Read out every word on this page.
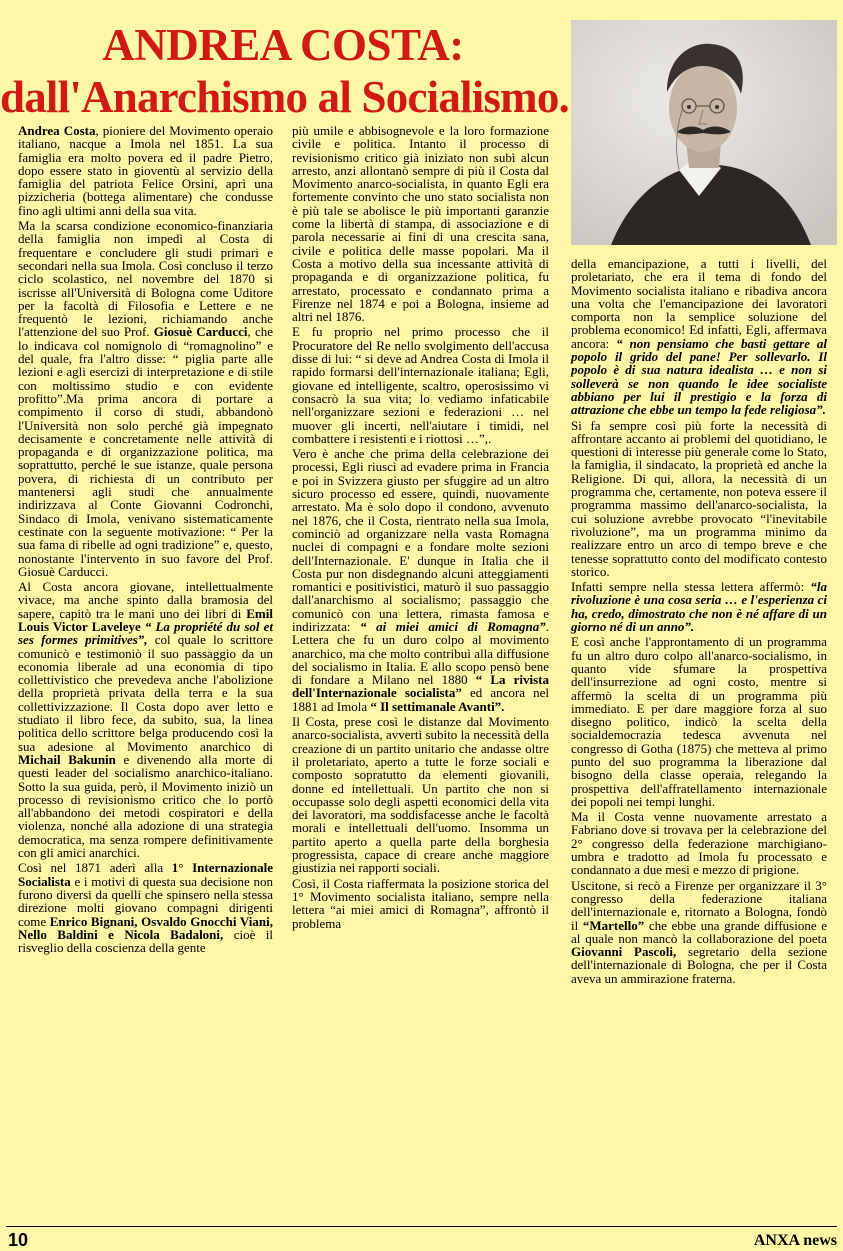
ANDREA COSTA:
dall'Anarchismo al Socialismo.

Andrea Costa, pioniere del Movimento operaio italiano, nacque a Imola nel 1851. La sua famiglia era molto povera ed il padre Pietro, dopo essere stato in gioventù al servizio della famiglia del patriota Felice Orsini, aprì una pizzicheria (bottega alimentare) che condusse fino agli ultimi anni della sua vita.

Ma la scarsa condizione economico-finanziaria della famiglia non impedì al Costa di frequentare e concludere gli studi primari e secondari nella sua Imola. Così concluso il terzo ciclo scolastico, nel novembre del 1870 si iscrisse all'Università di Bologna come Uditore per la facoltà di Filosofia e Lettere e ne frequentò le lezioni, richiamando anche l'attenzione del suo Prof. Giosuè Carducci, che lo indicava col nomignolo di “romagnolino” e del quale, fra l'altro disse: “ piglia parte alle lezioni e agli esercizi di interpretazione e di stile con moltissimo studio e con evidente profitto”.Ma prima ancora di portare a compimento il corso di studi, abbandonò l'Università non solo perché già impegnato decisamente e concretamente nelle attività di propaganda e di organizzazione politica, ma soprattutto, perché le sue istanze, quale persona povera, di richiesta di un contributo per mantenersi agli studi che annualmente indirizzava al Conte Giovanni Codronchi, Sindaco di Imola, venivano sistematicamente cestinate con la seguente motivazione: “ Per la sua fama di ribelle ad ogni tradizione” e, questo, nonostante l'intervento in suo favore del Prof. Giosuè Carducci.

Al Costa ancora giovane, intellettualmente vivace, ma anche spinto dalla bramosia del sapere, capitò tra le mani uno dei libri di Emil Louis Victor Laveleye “ La propriété du sol et ses formes primitives”, col quale lo scrittore comunicò e testimoniò il suo passaggio da un economia liberale ad una economia di tipo collettivistico che prevedeva anche l'abolizione della proprietà privata della terra e la sua collettivizzazione. Il Costa dopo aver letto e studiato il libro fece, da subito, sua, la linea politica dello scrittore belga producendo così la sua adesione al Movimento anarchico di Michail Bakunin e divenendo alla morte di questi leader del socialismo anarchico-italiano. Sotto la sua guida, però, il Movimento iniziò un processo di revisionismo critico che lo portò all'abbandono dei metodi cospiratori e della violenza, nonché alla adozione di una strategia democratica, ma senza rompere definitivamente con gli amici anarchici.

Così nel 1871 aderì alla 1° Internazionale Socialista e i motivi di questa sua decisione non furono diversi da quelli che spinsero nella stessa direzione molti giovano compagni dirigenti come Enrico Bignani, Osvaldo Gnocchi Viani, Nello Baldini e Nicola Badaloni, cioè il risveglio della coscienza della gente

più umile e abbisognevole e la loro formazione civile e politica. Intanto il processo di revisionismo critico già iniziato non subì alcun arresto, anzi allontanò sempre di più il Costa dal Movimento anarco-socialista, in quanto Egli era fortemente convinto che uno stato socialista non è più tale se abolisce le più importanti garanzie come la libertà di stampa, di associazione e di parola necessarie ai fini di una crescita sana, civile e politica delle masse popolari. Ma il Costa a motivo della sua incessante attività di propaganda e di organizzazione politica, fu arrestato, processato e condannato prima a Firenze nel 1874 e poi a Bologna, insieme ad altri nel 1876.

E fu proprio nel primo processo che il Procuratore del Re nello svolgimento dell'accusa disse di lui: “ si deve ad Andrea Costa di Imola il rapido formarsi dell'internazionale italiana; Egli, giovane ed intelligente, scaltro, operosissimo vi consacrò la sua vita; lo vediamo infaticabile nell'organizzare sezioni e federazioni … nel muover gli incerti, nell'aiutare i timidi, nel combattere i resistenti e i riottosi …”,.

Vero è anche che prima della celebrazione dei processi, Egli riuscì ad evadere prima in Francia e poi in Svizzera giusto per sfuggire ad un altro sicuro processo ed essere, quindi, nuovamente arrestato. Ma è solo dopo il condono, avvenuto nel 1876, che il Costa, rientrato nella sua Imola, cominciò ad organizzare nella vasta Romagna nuclei di compagni e a fondare molte sezioni dell'Internazionale. E' dunque in Italia che il Costa pur non disdegnando alcuni atteggiamenti romantici e positivistici, maturò il suo passaggio dall'anarchismo al socialismo; passaggio che comunicò con una lettera, rimasta famosa e indirizzata: “ ai miei amici di Romagna”. Lettera che fu un duro colpo al movimento anarchico, ma che molto contribuì alla diffusione del socialismo in Italia. E allo scopo pensò bene di fondare a Milano nel 1880 “ La rivista dell'Internazionale socialista” ed ancora nel 1881 ad Imola “ Il settimanale Avanti”.

Il Costa, prese così le distanze dal Movimento anarco-socialista, avvertì subito la necessità della creazione di un partito unitario che andasse oltre il proletariato, aperto a tutte le forze sociali e composto sopratutto da elementi giovanili, donne ed intellettuali. Un partito che non si occupasse solo degli aspetti economici della vita dei lavoratori, ma soddisfacesse anche le facoltà morali e intellettuali dell'uomo. Insomma un partito aperto a quella parte della borghesia progressista, capace di creare anche maggiore giustizia nei rapporti sociali.

Così, il Costa riaffermata la posizione storica del 1° Movimento socialista italiano, sempre nella lettera “ai miei amici di Romagna”, affrontò il problema

della emancipazione, a tutti i livelli, del proletariato, che era il tema di fondo del Movimento socialista italiano e ribadiva ancora una volta che l'emancipazione dei lavoratori comporta non la semplice soluzione del problema economico! Ed infatti, Egli, affermava ancora: “ non pensiamo che basti gettare al popolo il grido del pane! Per sollevarlo. Il popolo è di sua natura idealista … e non si solleverà se non quando le idee socialiste abbiano per lui il prestigio e la forza di attrazione che ebbe un tempo la fede religiosa”.

Si fa sempre così più forte la necessità di affrontare accanto ai problemi del quotidiano, le questioni di interesse più generale come lo Stato, la famiglia, il sindacato, la proprietà ed anche la Religione. Di qui, allora, la necessità di un programma che, certamente, non poteva essere il programma massimo dell'anarco-socialista, la cui soluzione avrebbe provocato “l'inevitabile rivoluzione”, ma un programma minimo da realizzare entro un arco di tempo breve e che tenesse soprattutto conto del modificato contesto storico.

Infatti sempre nella stessa lettera affermò: “la rivoluzione è una cosa seria … e l'esperienza ci ha, credo, dimostrato che non è né affare di un giorno né di un anno”.

E così anche l'approntamento di un programma fu un altro duro colpo all'anarco-socialismo, in quanto vide sfumare la prospettiva dell'insurrezione ad ogni costo, mentre si affermò la scelta di un programma più immediato. E per dare maggiore forza al suo disegno politico, indicò la scelta della socialdemocrazia tedesca avvenuta nel congresso di Gotha (1875) che metteva al primo punto del suo programma la liberazione dal bisogno della classe operaia, relegando la prospettiva dell'affratellamento internazionale dei popoli nei tempi lunghi.

Ma il Costa venne nuovamente arrestato a Fabriano dove si trovava per la celebrazione del 2° congresso della federazione marchigiano-umbra e tradotto ad Imola fu processato e condannato a due mesi e mezzo di prigione.

Uscitone, si recò a Firenze per organizzare il 3° congresso della federazione italiana dell'internazionale e, ritornato a Bologna, fondò il “Martello” che ebbe una grande diffusione e al quale non mancò la collaborazione del poeta Giovanni Pascoli, segretario della sezione dell'internazionale di Bologna, che per il Costa aveva un ammirazione fraterna.

10	ANXA news
